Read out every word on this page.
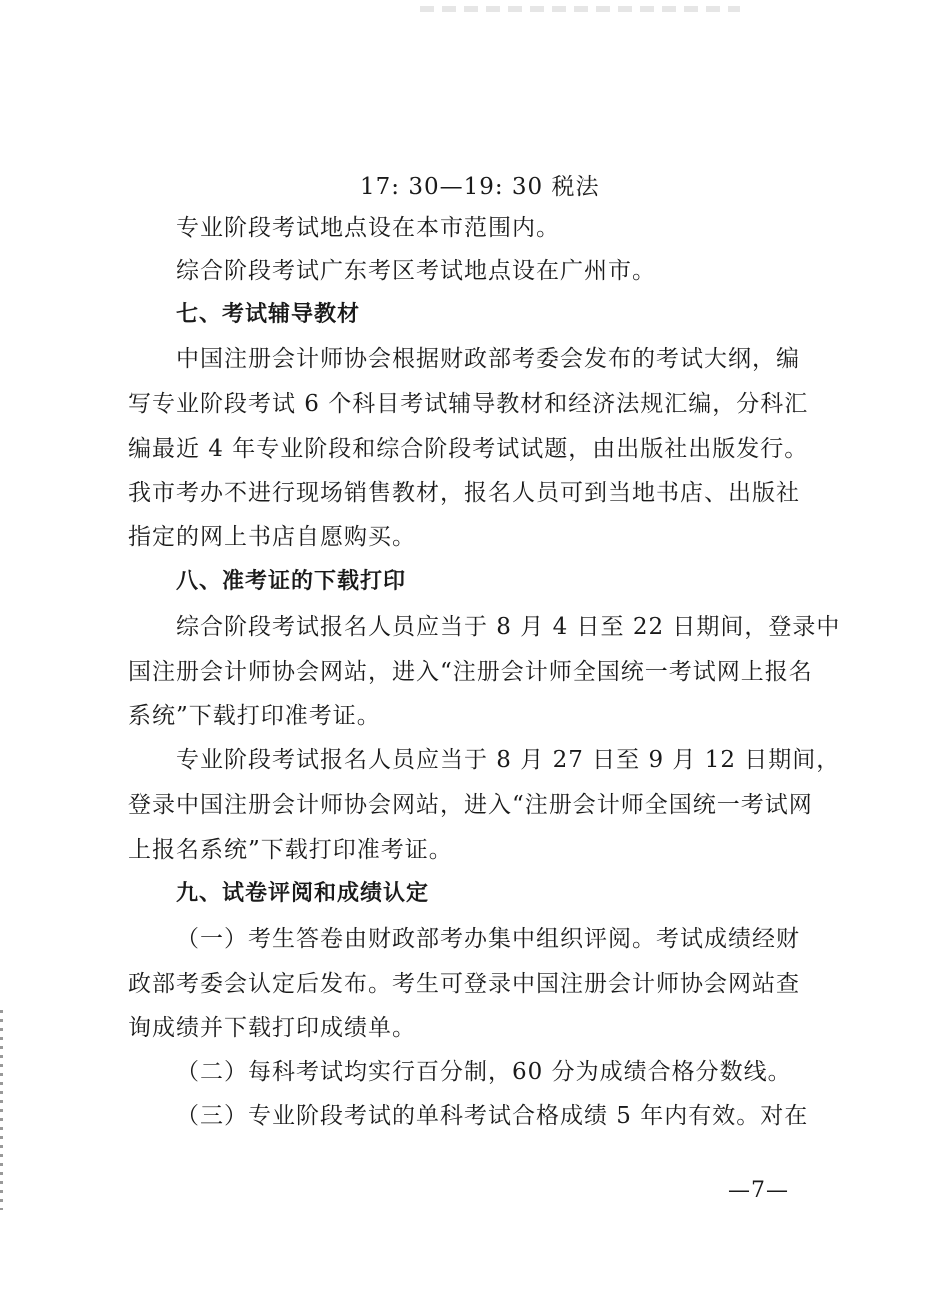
17: 30—19: 30 税法
专业阶段考试地点设在本市范围内。
综合阶段考试广东考区考试地点设在广州市。
七、考试辅导教材
中国注册会计师协会根据财政部考委会发布的考试大纲，编
写专业阶段考试 6 个科目考试辅导教材和经济法规汇编，分科汇
编最近 4 年专业阶段和综合阶段考试试题，由出版社出版发行。
我市考办不进行现场销售教材，报名人员可到当地书店、出版社
指定的网上书店自愿购买。
八、准考证的下载打印
综合阶段考试报名人员应当于 8 月 4 日至 22 日期间，登录中
国注册会计师协会网站，进入“注册会计师全国统一考试网上报名
系统”下载打印准考证。
专业阶段考试报名人员应当于 8 月 27 日至 9 月 12 日期间，
登录中国注册会计师协会网站，进入“注册会计师全国统一考试网
上报名系统”下载打印准考证。
九、试卷评阅和成绩认定
（一）考生答卷由财政部考办集中组织评阅。考试成绩经财
政部考委会认定后发布。考生可登录中国注册会计师协会网站查
询成绩并下载打印成绩单。
（二）每科考试均实行百分制，60 分为成绩合格分数线。
（三）专业阶段考试的单科考试合格成绩 5 年内有效。对在
—7—
